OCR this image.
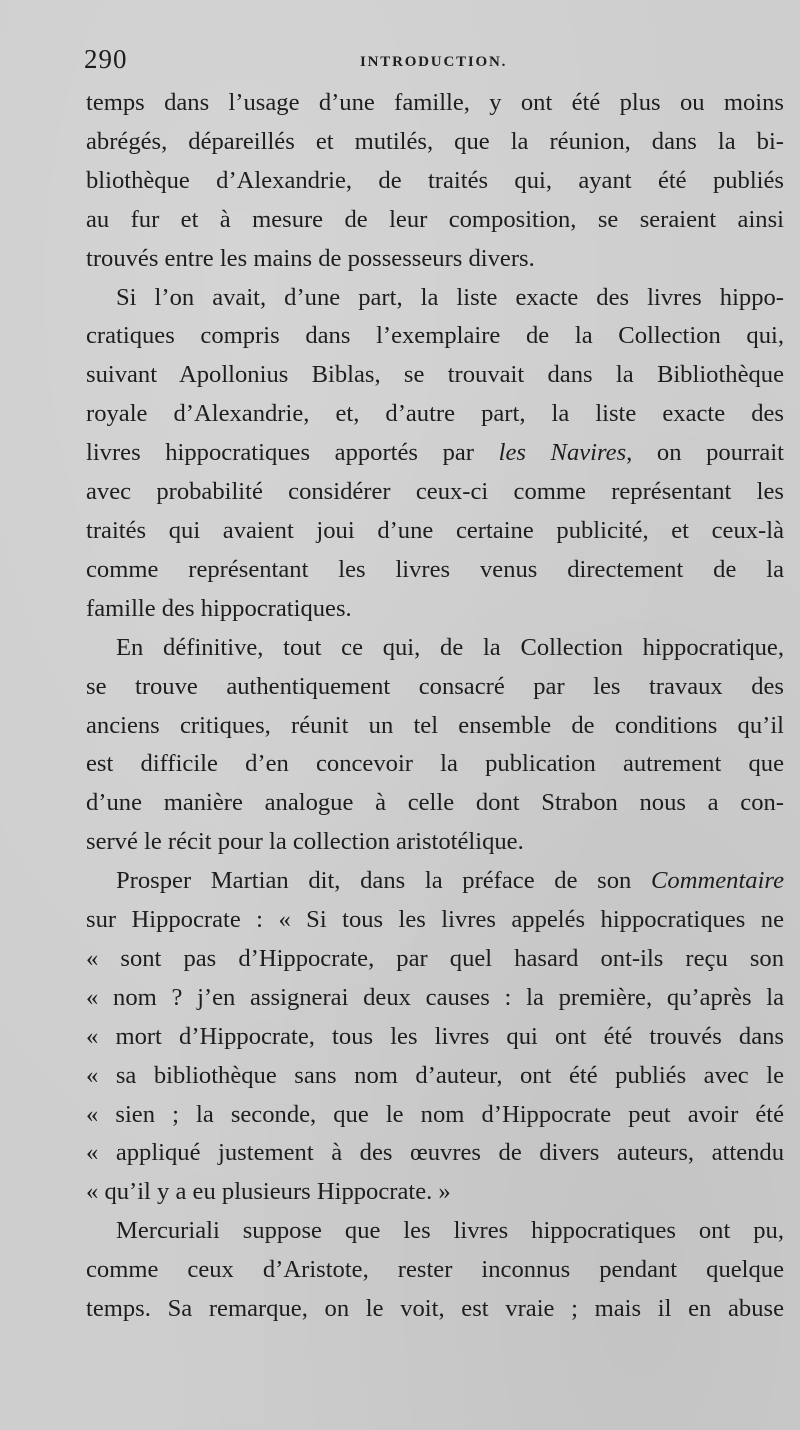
290	INTRODUCTION.

temps dans l’usage d’une famille, y ont été plus ou moins
abrégés, dépareillés et mutilés, que la réunion, dans la bi-
bliothèque d’Alexandrie, de traités qui, ayant été publiés
au fur et à mesure de leur composition, se seraient ainsi
trouvés entre les mains de possesseurs divers.

Si l’on avait, d’une part, la liste exacte des livres hippo-
cratiques compris dans l’exemplaire de la Collection qui,
suivant Apollonius Biblas, se trouvait dans la Bibliothèque
royale d’Alexandrie, et, d’autre part, la liste exacte des
livres hippocratiques apportés par les Navires, on pourrait
avec probabilité considérer ceux-ci comme représentant les
traités qui avaient joui d’une certaine publicité, et ceux-là
comme représentant les livres venus directement de la
famille des hippocratiques.

En définitive, tout ce qui, de la Collection hippocratique,
se trouve authentiquement consacré par les travaux des
anciens critiques, réunit un tel ensemble de conditions qu’il
est difficile d’en concevoir la publication autrement que
d’une manière analogue à celle dont Strabon nous a con-
servé le récit pour la collection aristotélique.

Prosper Martian dit, dans la préface de son Commentaire
sur Hippocrate : « Si tous les livres appelés hippocratiques ne
« sont pas d’Hippocrate, par quel hasard ont-ils reçu son
« nom ? j’en assignerai deux causes : la première, qu’après la
« mort d’Hippocrate, tous les livres qui ont été trouvés dans
« sa bibliothèque sans nom d’auteur, ont été publiés avec le
« sien ; la seconde, que le nom d’Hippocrate peut avoir été
« appliqué justement à des œuvres de divers auteurs, attendu
« qu’il y a eu plusieurs Hippocrate. »

Mercuriali suppose que les livres hippocratiques ont pu,
comme ceux d’Aristote, rester inconnus pendant quelque
temps. Sa remarque, on le voit, est vraie ; mais il en abuse
